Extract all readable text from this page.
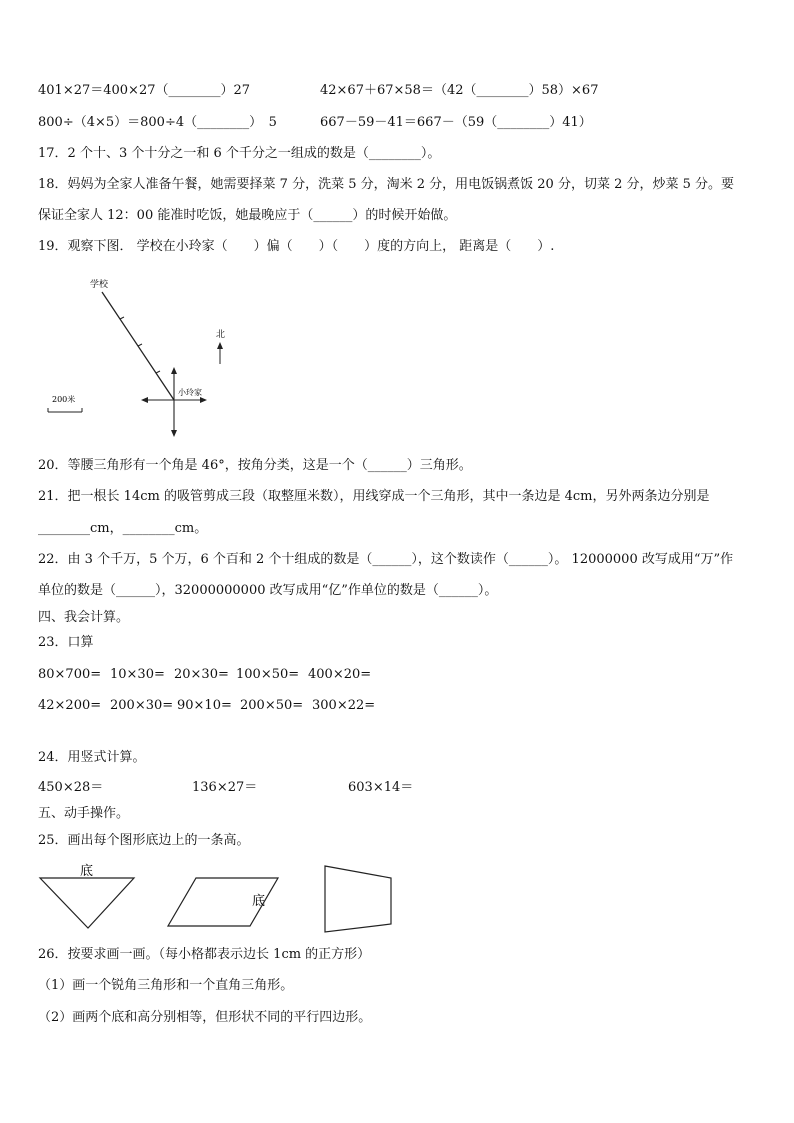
401×27＝400×27（________）27	42×67＋67×58＝（42（________）58）×67
800÷（4×5）＝800÷4（________）　5	667－59－41＝667－（59（________）41）
17．2 个十、3 个十分之一和 6 个千分之一组成的数是（________）。
18．妈妈为全家人准备午餐，她需要择菜 7 分，洗菜 5 分，淘米 2 分，用电饭锅煮饭 20 分，切菜 2 分，炒菜 5 分。要
保证全家人 12：00 能准时吃饭，她最晚应于（______）的时候开始做。
19．观察下图． 学校在小玲家（　　）偏（　　）（　　）度的方向上， 距离是（　　）.
学校
小玲家
北
200米
20．等腰三角形有一个角是 46°，按角分类，这是一个（______）三角形。
21．把一根长 14cm 的吸管剪成三段（取整厘米数），用线穿成一个三角形，其中一条边是 4cm，另外两条边分别是
________cm，________cm。
22．由 3 个千万，5 个万，6 个百和 2 个十组成的数是（______），这个数读作（______）。 12000000 改写成用“万”作
单位的数是（______），32000000000 改写成用“亿”作单位的数是（______）。
四、我会计算。
23．口算
80×700= 10×30= 20×30= 100×50= 400×20=
42×200= 200×30= 90×10= 200×50= 300×22=
24．用竖式计算。
450×28＝	136×27＝	603×14＝
五、动手操作。
25．画出每个图形底边上的一条高。
底
底
26．按要求画一画。（每小格都表示边长 1cm 的正方形）
（1）画一个锐角三角形和一个直角三角形。
（2）画两个底和高分别相等，但形状不同的平行四边形。
